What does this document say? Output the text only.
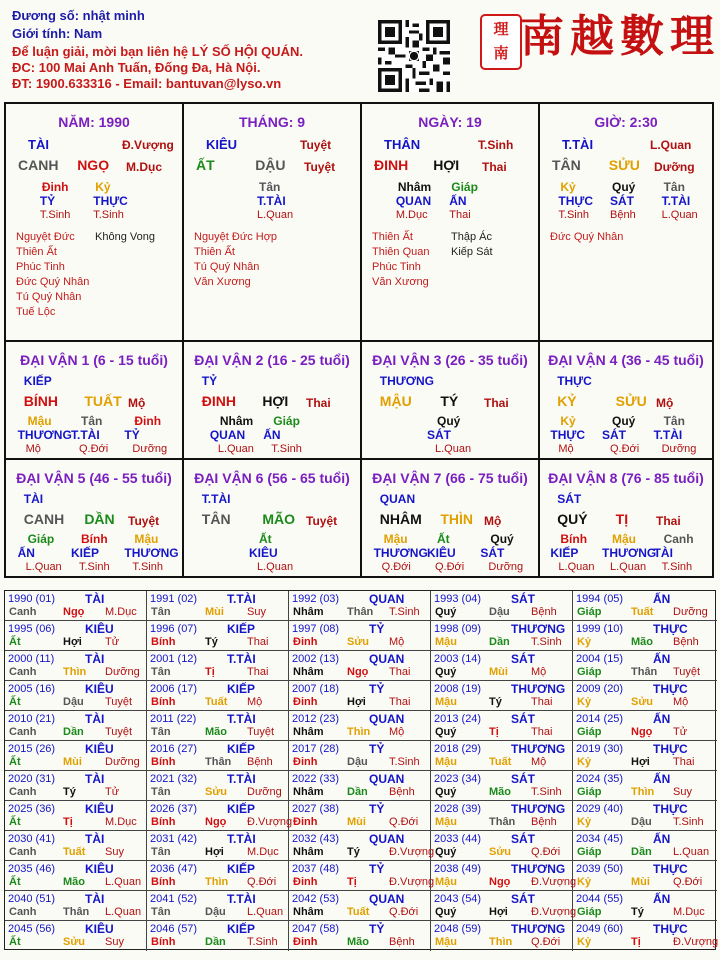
Đương số: nhật minh
Giới tính: Nam
Để luận giải, mời bạn liên hệ LÝ SỐ HỘI QUÁN.
ĐC: 100 Mai Anh Tuấn, Đống Đa, Hà Nội.
ĐT: 1900.633316 - Email: bantuvan@lyso.vn
理
南 南越數理
NĂM: 1990
TÀI	Đ.Vượng
CANH NGỌ M.Dục
Đinh
TỶ
T.Sinh
Kỷ
THỰC
T.Sinh
Nguyệt Đức Không Vong
Thiên Ất
Phúc Tinh
Đức Quý Nhân
Tú Quý Nhân
Tuế Lộc
THÁNG: 9
KIÊU	Tuyệt
ẤT	DẬU Tuyệt
Tân
T.TÀI
L.Quan
Nguyệt Đức Hợp
Thiên Ất
Tú Quý Nhân
Văn Xương
NGÀY: 19
THÂN	T.Sinh
ĐINH HỢI Thai
Nhâm
QUAN
M.Dục
Giáp
ẤN
Thai
Thiên Ất	Thập Ác
Thiên Quan Kiếp Sát
Phúc Tinh
Văn Xương
GIỜ: 2:30
T.TÀI	L.Quan
TÂN SỬU Dưỡng
Kỷ
THỰC
T.Sinh
Quý
SÁT
Bệnh
Tân
T.TÀI
L.Quan
Đức Quý Nhân
ĐẠI VẬN 1 (6 - 15 tuổi)
KIẾP
BÍNH TUẤT Mộ
Mậu
THƯƠNG
Mộ
Tân
T.TÀI
Q.Đới
Đinh
TỶ
Dưỡng
ĐẠI VẬN 2 (16 - 25 tuổi)
TỶ
ĐINH HỢI Thai
Nhâm
QUAN
L.Quan
Giáp
ẤN
T.Sinh
ĐẠI VẬN 3 (26 - 35 tuổi)
THƯƠNG
MẬU TÝ Thai
Quý
SÁT
L.Quan
ĐẠI VẬN 4 (36 - 45 tuổi)
THỰC
KỶ	SỬU Mộ
Kỷ
THỰC
Mộ
Quý
SÁT
Q.Đới
Tân
T.TÀI
Dưỡng
ĐẠI VẬN 5 (46 - 55 tuổi)
TÀI
CANH DẦN Tuyệt
Giáp
ẤN
L.Quan
Bính
KIẾP
T.Sinh
Mậu
THƯƠNG
T.Sinh
ĐẠI VẬN 6 (56 - 65 tuổi)
T.TÀI
TÂN MÃO Tuyệt
Ất
KIÊU
L.Quan
ĐẠI VẬN 7 (66 - 75 tuổi)
QUAN
NHÂM THÌN Mộ
Mậu
THƯƠNG
Q.Đới
Ất
KIÊU
Q.Đới
Quý
SÁT
Dưỡng
ĐẠI VẬN 8 (76 - 85 tuổi)
SÁT
QUÝ TỊ Thai
Bính
KIẾP
L.Quan
Mậu
THƯƠNG
L.Quan
Canh
TÀI
T.Sinh
1990 (01) TÀI
Canh Ngọ M.Dục
1991 (02) T.TÀI
Tân	Mùi Suy
1992 (03) QUAN
Nhâm Thân T.Sinh
1993 (04) SÁT
Quý	Dậu Bệnh
1994 (05) ẤN
Giáp	Tuất Dưỡng
1995 (06) KIÊU
Ất	Hợi Tử
1996 (07) KIẾP
Bính	Tý	Thai
1997 (08) TỶ
Đinh	Sửu Mộ
1998 (09) THƯƠNG
Mậu	Dần T.Sinh
1999 (10) THỰC
Kỷ	Mão Bệnh
2000 (11)	TÀI
Canh Thìn Dưỡng
2001 (12) T.TÀI
Tân	Tị	Thai
2002 (13) QUAN
Nhâm Ngọ Thai
2003 (14) SÁT
Quý	Mùi Mộ
2004 (15) ẤN
Giáp	Thân Tuyệt
2005 (16) KIÊU
Ất	Dậu Tuyệt
2006 (17) KIẾP
Bính	Tuất Mộ
2007 (18) TỶ
Đinh	Hợi Thai
2008 (19) THƯƠNG
Mậu	Tý	Thai
2009 (20) THỰC
Kỷ	Sửu Mộ
2010 (21) TÀI
Canh Dần Tuyệt
2011 (22)	T.TÀI
Tân	Mão Tuyệt
2012 (23) QUAN
Nhâm Thìn Mộ
2013 (24) SÁT
Quý	Tị	Thai
2014 (25) ẤN
Giáp	Ngọ Tử
2015 (26) KIÊU
Ất	Mùi Dưỡng
2016 (27) KIẾP
Bính	Thân Bệnh
2017 (28) TỶ
Đinh	Dậu T.Sinh
2018 (29) THƯƠNG
Mậu	Tuất Mộ
2019 (30) THỰC
Kỷ	Hợi Thai
2020 (31) TÀI
Canh Tý	Tử
2021 (32) T.TÀI
Tân	Sửu Dưỡng
2022 (33) QUAN
Nhâm Dần Bệnh
2023 (34) SÁT
Quý	Mão T.Sinh
2024 (35) ẤN
Giáp	Thìn Suy
2025 (36) KIÊU
Ất	Tị	M.Dục
2026 (37) KIẾP
Bính	Ngọ Đ.Vượng
2027 (38) TỶ
Đinh	Mùi Q.Đới
2028 (39) THƯƠNG
Mậu	Thân Bệnh
2029 (40) THỰC
Kỷ	Dậu T.Sinh
2030 (41) TÀI
Canh Tuất Suy
2031 (42) T.TÀI
Tân	Hợi M.Dục
2032 (43) QUAN
Nhâm Tý	Đ.Vượng
2033 (44) SÁT
Quý	Sửu Q.Đới
2034 (45) ẤN
Giáp	Dần L.Quan
2035 (46) KIÊU
Ất	Mão L.Quan
2036 (47) KIẾP
Bính	Thìn Q.Đới
2037 (48) TỶ
Đinh	Tị	Đ.Vượng
2038 (49) THƯƠNG
Mậu	Ngọ Đ.Vượng
2039 (50) THỰC
Kỷ	Mùi Q.Đới
2040 (51) TÀI
Canh Thân L.Quan
2041 (52) T.TÀI
Tân	Dậu L.Quan
2042 (53) QUAN
Nhâm Tuất Q.Đới
2043 (54) SÁT
Quý	Hợi Đ.Vượng
2044 (55) ẤN
Giáp	Tý	M.Dục
2045 (56) KIÊU
Ất	Sửu Suy
2046 (57) KIẾP
Bính	Dần T.Sinh
2047 (58) TỶ
Đinh	Mão Bệnh
2048 (59) THƯƠNG
Mậu	Thìn Q.Đới
2049 (60) THỰC
Kỷ	Tị	Đ.Vượng
